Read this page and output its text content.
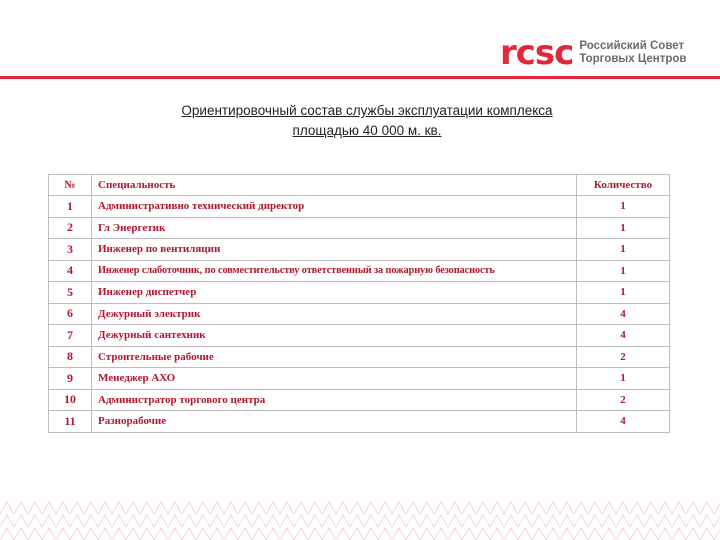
rcsc Российский Совет
Торговых Центров
Ориентировочный состав службы эксплуатации комплекса
площадью 40 000 м. кв.
№	Специальность	Количество
1	Административно технический директор	1
2	Гл Энергетик	1
3	Инженер по вентиляции	1
4	Инженер слаботочник, по совместительству ответственный за пожарную безопасность	1
5	Инженер диспетчер	1
6	Дежурный электрик	4
7	Дежурный сантехник	4
8	Строительные рабочие	2
9	Менеджер АХО	1
10	Администратор торгового центра	2
11	Разнорабочие	4
